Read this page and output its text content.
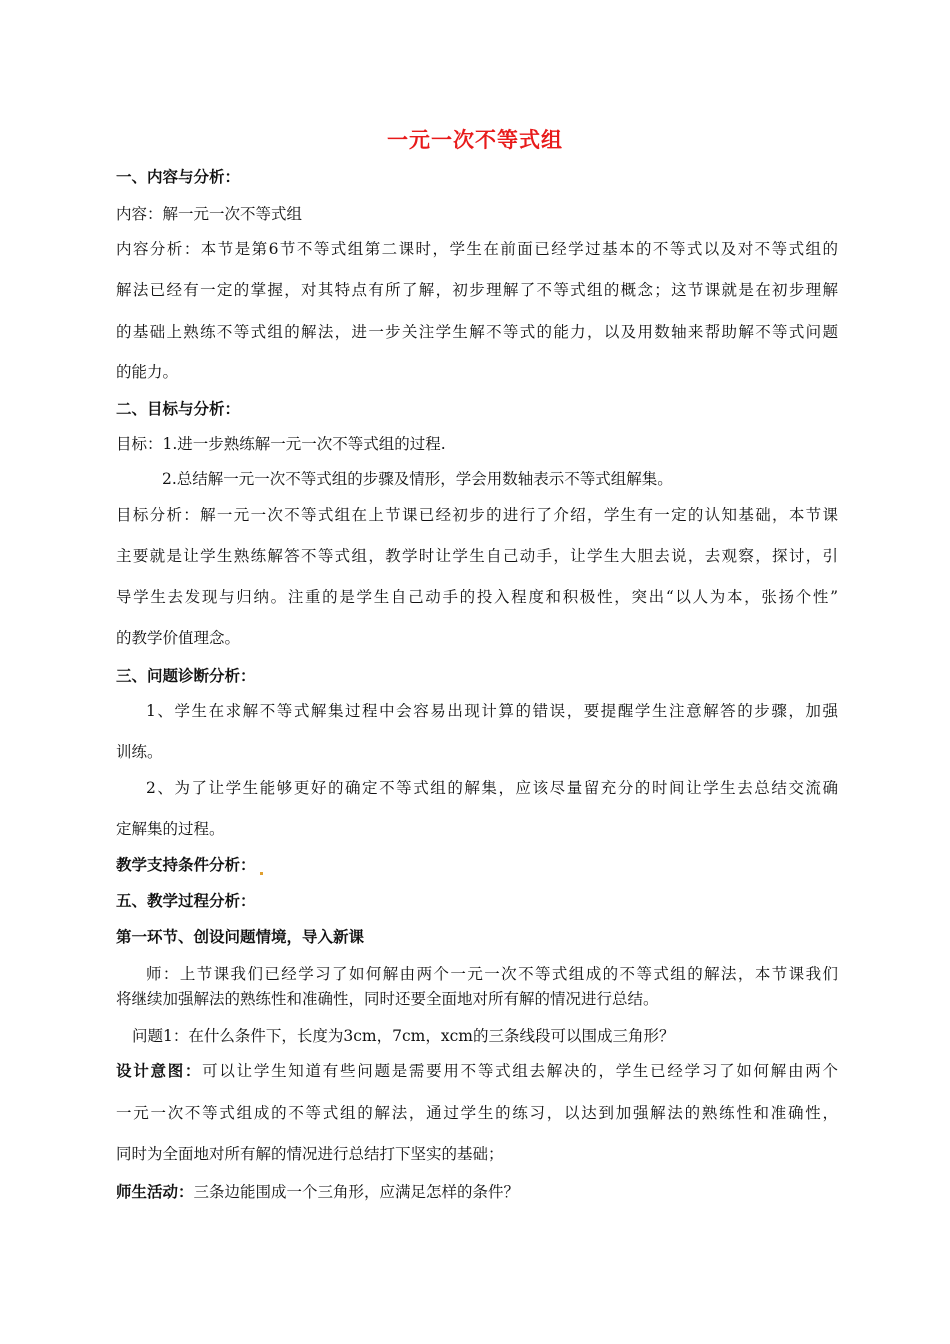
一元一次不等式组
一、内容与分析：
内容：解一元一次不等式组
内容分析：本节是第6节不等式组第二课时，学生在前面已经学过基本的不等式以及对不等式组的
解法已经有一定的掌握，对其特点有所了解，初步理解了不等式组的概念；这节课就是在初步理解
的基础上熟练不等式组的解法，进一步关注学生解不等式的能力，以及用数轴来帮助解不等式问题
的能力。
二、目标与分析：
目标：1.进一步熟练解一元一次不等式组的过程.
2.总结解一元一次不等式组的步骤及情形，学会用数轴表示不等式组解集。
目标分析：解一元一次不等式组在上节课已经初步的进行了介绍，学生有一定的认知基础，本节课
主要就是让学生熟练解答不等式组，教学时让学生自己动手，让学生大胆去说，去观察，探讨，引
导学生去发现与归纳。注重的是学生自己动手的投入程度和积极性，突出“以人为本，张扬个性”
的教学价值理念。
三、问题诊断分析：
1、学生在求解不等式解集过程中会容易出现计算的错误，要提醒学生注意解答的步骤，加强
训练。
2、为了让学生能够更好的确定不等式组的解集，应该尽量留充分的时间让学生去总结交流确
定解集的过程。
教学支持条件分析：
五、教学过程分析：
第一环节、创设问题情境，导入新课
师：上节课我们已经学习了如何解由两个一元一次不等式组成的不等式组的解法，本节课我们
将继续加强解法的熟练性和准确性，同时还要全面地对所有解的情况进行总结。
问题1：在什么条件下，长度为3cm，7cm，xcm的三条线段可以围成三角形？
设计意图：可以让学生知道有些问题是需要用不等式组去解决的，学生已经学习了如何解由两个
一元一次不等式组成的不等式组的解法，通过学生的练习，以达到加强解法的熟练性和准确性，
同时为全面地对所有解的情况进行总结打下坚实的基础；
师生活动：三条边能围成一个三角形，应满足怎样的条件？
